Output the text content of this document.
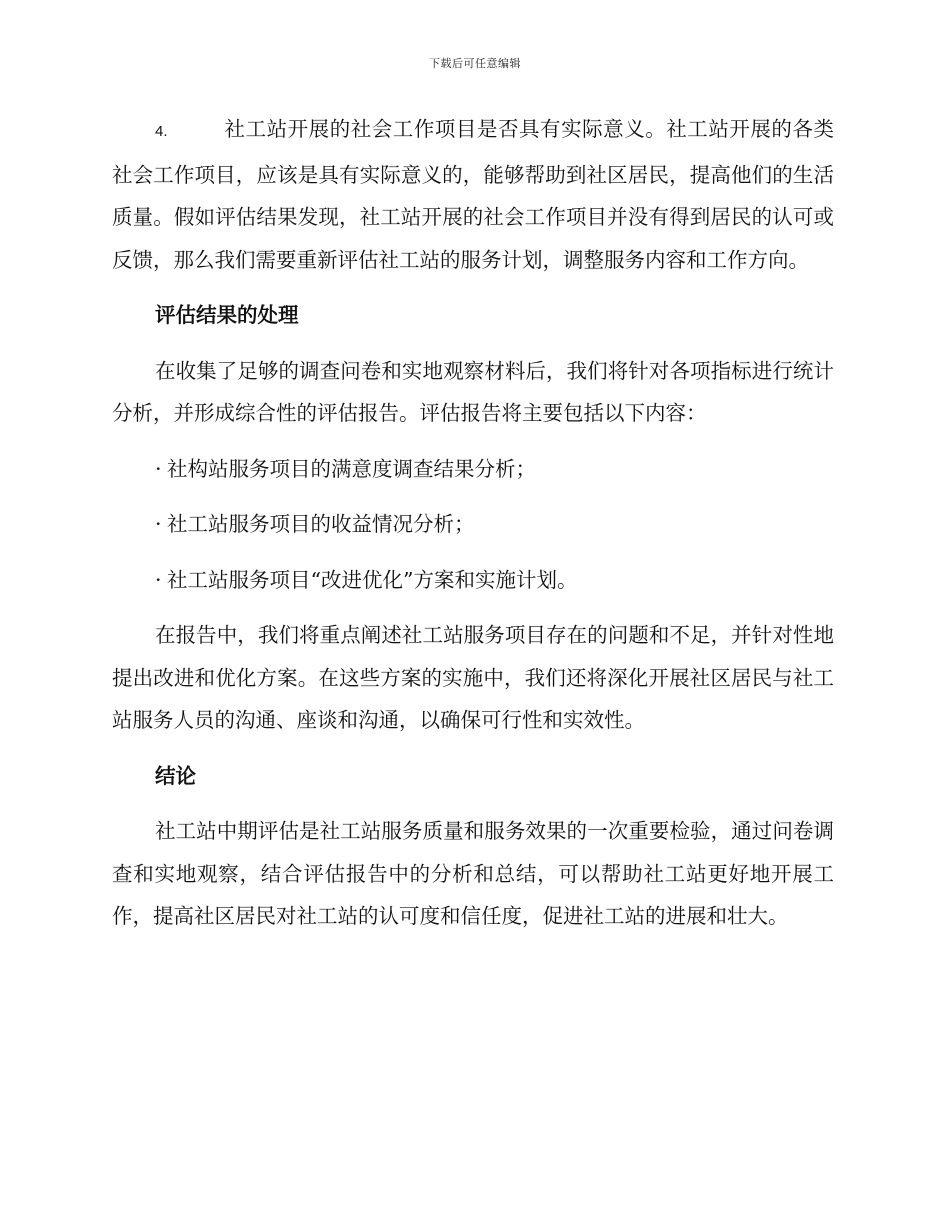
下载后可任意编辑

4.	社工站开展的社会工作项目是否具有实际意义。社工站开展的各类社会工作项目，应该是具有实际意义的，能够帮助到社区居民，提高他们的生活质量。假如评估结果发现，社工站开展的社会工作项目并没有得到居民的认可或反馈，那么我们需要重新评估社工站的服务计划，调整服务内容和工作方向。

评估结果的处理

在收集了足够的调查问卷和实地观察材料后，我们将针对各项指标进行统计分析，并形成综合性的评估报告。评估报告将主要包括以下内容：

· 社构站服务项目的满意度调查结果分析；
· 社工站服务项目的收益情况分析；
· 社工站服务项目“改进优化”方案和实施计划。

在报告中，我们将重点阐述社工站服务项目存在的问题和不足，并针对性地提出改进和优化方案。在这些方案的实施中，我们还将深化开展社区居民与社工站服务人员的沟通、座谈和沟通，以确保可行性和实效性。

结论

社工站中期评估是社工站服务质量和服务效果的一次重要检验，通过问卷调查和实地观察，结合评估报告中的分析和总结，可以帮助社工站更好地开展工作，提高社区居民对社工站的认可度和信任度，促进社工站的进展和壮大。
